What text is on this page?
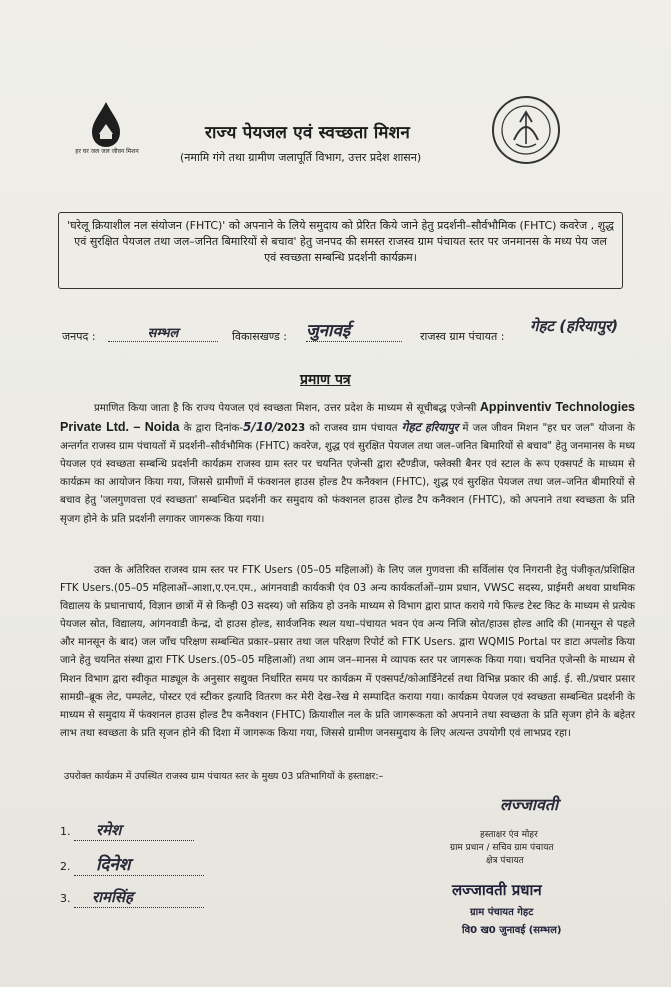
हर घर जल जल जीवन मिशन
राज्य पेयजल एवं स्वच्छता मिशन
(नमामि गंगे तथा ग्रामीण जलापूर्ति विभाग, उत्तर प्रदेश शासन)
'घरेलू क्रियाशील नल संयोजन (FHTC)' को अपनाने के लिये समुदाय को प्रेरित किये जाने हेतु प्रदर्शनी–सौर्वभौमिक (FHTC) कवरेज , शुद्ध एवं सुरक्षित पेयजल तथा जल–जनित बिमारियों से बचाव' हेतु जनपद की समस्त राजस्व ग्राम पंचायत स्तर पर जनमानस के मध्य पेय जल एवं स्वच्छता सम्बन्धि प्रदर्शनी कार्यक्रम।
जनपद :	सम्भल	विकासखण्ड : जुनावई	राजस्व ग्राम पंचायत :
गेहट (हरियापुर)
प्रमाण पत्र

प्रमाणित किया जाता है कि राज्य पेयजल एवं स्वच्छता मिशन, उत्तर प्रदेश के माध्यम से सूचीबद्ध एजेन्सी Appinventiv Technologies Private Ltd. – Noida के द्वारा दिनांक-5/10/2023 को राजस्व ग्राम पंचायत गेहट हरियापुर में जल जीवन मिशन "हर घर जल" योजना के अन्तर्गत राजस्व ग्राम पंचायतों में प्रदर्शनी–सौर्वभौमिक (FHTC) कवरेज, शुद्ध एवं सुरक्षित पेयजल तथा जल–जनित बिमारियों से बचाव" हेतु जनमानस के मध्य पेयजल एवं स्वच्छता सम्बन्धि प्रदर्शनी कार्यक्रम राजस्व ग्राम स्तर पर चयनित एजेन्सी द्वारा स्टैण्डीज, फ्लेक्सी बैनर एवं स्टाल के रूप एक्सपर्ट के माध्यम से कार्यक्रम का आयोजन किया गया, जिससे ग्रामीणों में फंक्शनल हाउस होल्ड टैप कनैक्शन (FHTC), शुद्ध एवं सुरक्षित पेयजल तथा जल–जनित बीमारियों से बचाव हेतु 'जलगुणवत्ता एवं स्वच्छता' सम्बन्धित प्रदर्शनी कर समुदाय को फंक्शनल हाउस होल्ड टैप कनैक्शन (FHTC), को अपनाने तथा स्वच्छता के प्रति सृजग होने के प्रति प्रदर्शनी लगाकर जागरूक किया गया।

उक्त के अतिरिक्त राजस्व ग्राम स्तर पर FTK Users (05–05 महिलाओं) के लिए जल गुणवत्ता की सर्विलांस एंव निगरानी हेतु पंजीकृत/प्रशिक्षित FTK Users.(05–05 महिलाओं–आशा,ए.एन.एम., आंगनवाडी कार्यकत्री एंव 03 अन्य कार्यकर्ताओं–ग्राम प्रधान, VWSC सदस्य, प्राईमरी अथवा प्राथमिक विद्यालय के प्रधानाचार्य, विज्ञान छात्रों में से किन्ही 03 सदस्य) जो सक्रिय हो उनके माध्यम से विभाग द्वारा प्राप्त कराये गये फिल्ड टेस्ट किट के माध्यम से प्रत्येक पेयजल स्रोत, विद्यालय, आंगनवाडी केन्द्र, दो हाउस होल्ड, सार्वजनिक स्थल यथा–पंचायत भवन एंव अन्य निजि स्रोत/हाउस होल्ड आदि की (मानसून से पहले और मानसून के बाद) जल जाँच परिक्षण सम्बन्धित प्रकार–प्रसार तथा जल परिक्षण रिपोर्ट को FTK Users. द्वारा WQMIS Portal पर डाटा अपलोड किया जाने हेतु चयनित संस्था द्वारा FTK Users.(05–05 महिलाओं) तथा आम जन–मानस मे व्यापक स्तर पर जागरूक किया गया। चयनित एजेन्सी के माध्यम से मिशन विभाग द्वारा स्वीकृत माड्यूल के अनुसार सद्युक्त निर्धारित समय पर कार्यक्रम में एक्सपर्ट/कोआर्डिनेटर्स तथा विभिन्न प्रकार की आई. ई. सी./प्रचार प्रसार सामग्री–ब्रूक लेट, पम्पलेट, पोस्टर एवं स्टीकर इत्यादि वितरण कर मेरी देख–रेख मे सम्पादित कराया गया। कार्यक्रम पेयजल एवं स्वच्छता सम्बन्धित प्रदर्शनी के माध्यम से समुदाय में फंक्शनल हाउस होल्ड टैप कनैक्शन (FHTC) क्रियाशील नल के प्रति जागरूकता को अपनाने तथा स्वच्छता के प्रति सृजग होने के बहेतर लाभ तथा स्वच्छता के प्रति सृजन होने की दिशा में जागरूक किया गया, जिससे ग्रामीण जनसमुदाय के लिए अत्यन्त उपयोगी एवं लाभप्रद रहा।

उपरोक्त कार्यक्रम में उपस्थित राजस्व ग्राम पंचायत स्तर के मुख्य 03 प्रतिभागियों के हस्ताक्षर:–
1. रमेश
2. दिनेश
3. रामसिंह
लज्जावती
हस्ताक्षर एंव मोहर
ग्राम प्रधान / सचिव ग्राम पंचायत
क्षेत्र पंचायत
लज्जावती प्रधान
ग्राम पंचायत गेहट
वि0 ख0 जुनावई (सम्भल)
